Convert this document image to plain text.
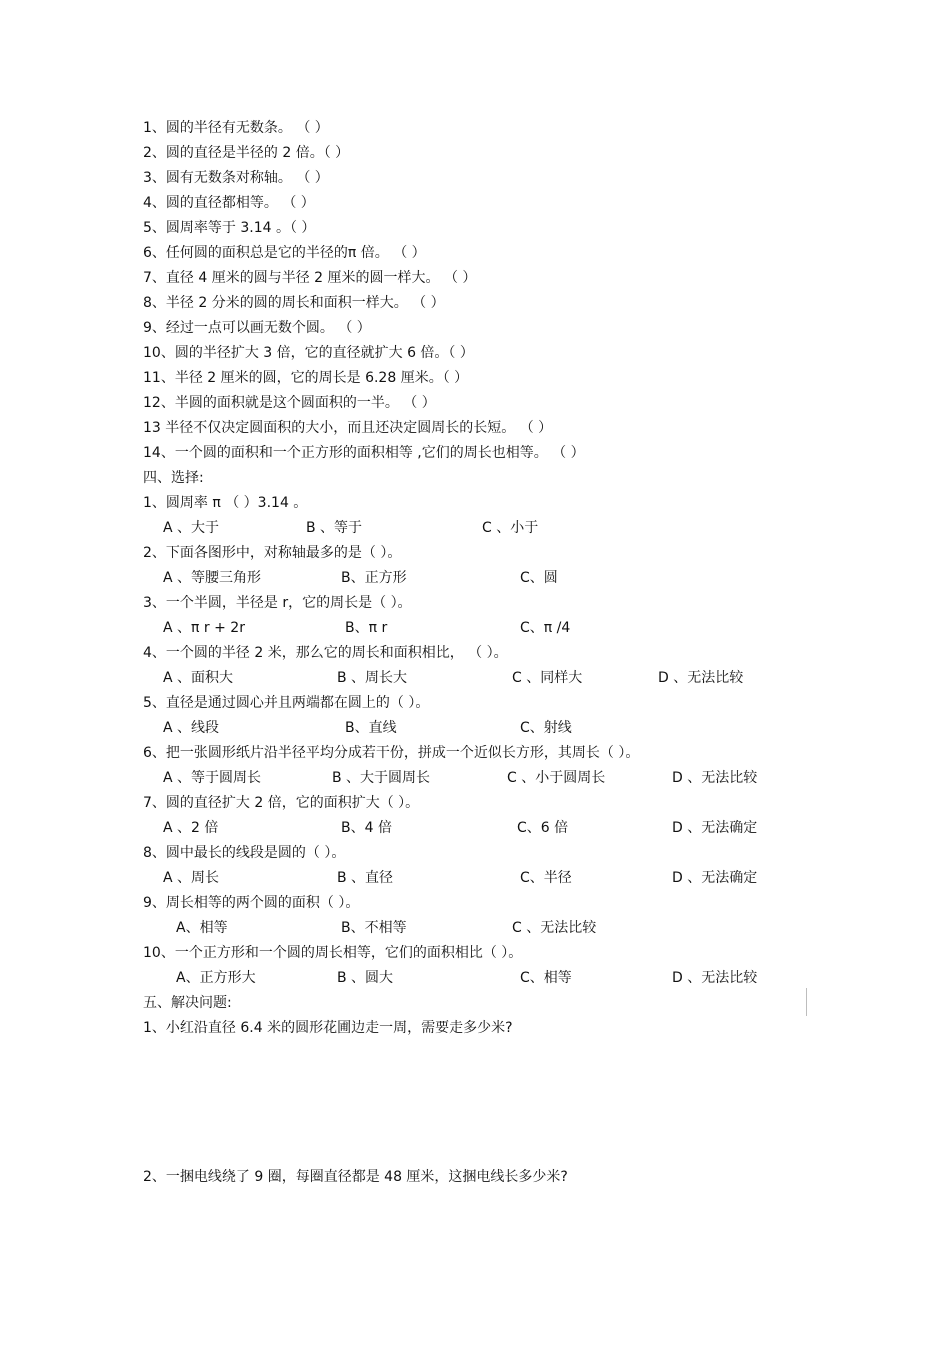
1、圆的半径有无数条。 （ ）
2、圆的直径是半径的 2 倍。（ ）
3、圆有无数条对称轴。 （ ）
4、圆的直径都相等。 （ ）
5、圆周率等于 3.14 。（ ）
6、任何圆的面积总是它的半径的π 倍。 （ ）
7、直径 4 厘米的圆与半径 2 厘米的圆一样大。 （ ）
8、半径 2 分米的圆的周长和面积一样大。 （ ）
9、经过一点可以画无数个圆。 （ ）
10、圆的半径扩大 3 倍，它的直径就扩大 6 倍。（ ）
11、半径 2 厘米的圆，它的周长是 6.28 厘米。（ ）
12、半圆的面积就是这个圆面积的一半。 （ ）
13 半径不仅决定圆面积的大小，而且还决定圆周长的长短。 （ ）
14、一个圆的面积和一个正方形的面积相等 ,它们的周长也相等。 （ ）
四、选择:
1、圆周率 π （ ）3.14 。
A 、大于	B 、等于	C 、小于
2、下面各图形中，对称轴最多的是（ ）。
A 、等腰三角形	B、正方形	C、圆
3、一个半圆，半径是 r，它的周长是（ ）。
A 、π r + 2r	B、π r	C、π /4
4、一个圆的半径 2 米，那么它的周长和面积相比， （ ）。
A 、面积大	B 、周长大	C 、同样大	D 、无法比较
5、直径是通过圆心并且两端都在圆上的（ ）。
A 、线段	B、直线	C、射线
6、把一张圆形纸片沿半径平均分成若干份，拼成一个近似长方形，其周长（ ）。
A 、等于圆周长	B 、大于圆周长	C 、小于圆周长	D 、无法比较
7、圆的直径扩大 2 倍，它的面积扩大（ ）。
A 、2 倍	B、4 倍	C、6 倍	D 、无法确定
8、圆中最长的线段是圆的（ ）。
A 、周长	B 、直径	C、半径	D 、无法确定
9、周长相等的两个圆的面积（ ）。
A、相等	B、不相等	C 、无法比较
10、一个正方形和一个圆的周长相等，它们的面积相比（ ）。
A、正方形大	B 、圆大	C、相等	D 、无法比较
五、解决问题:
1、小红沿直径 6.4 米的圆形花圃边走一周，需要走多少米?
2、一捆电线绕了 9 圈，每圈直径都是 48 厘米，这捆电线长多少米?
